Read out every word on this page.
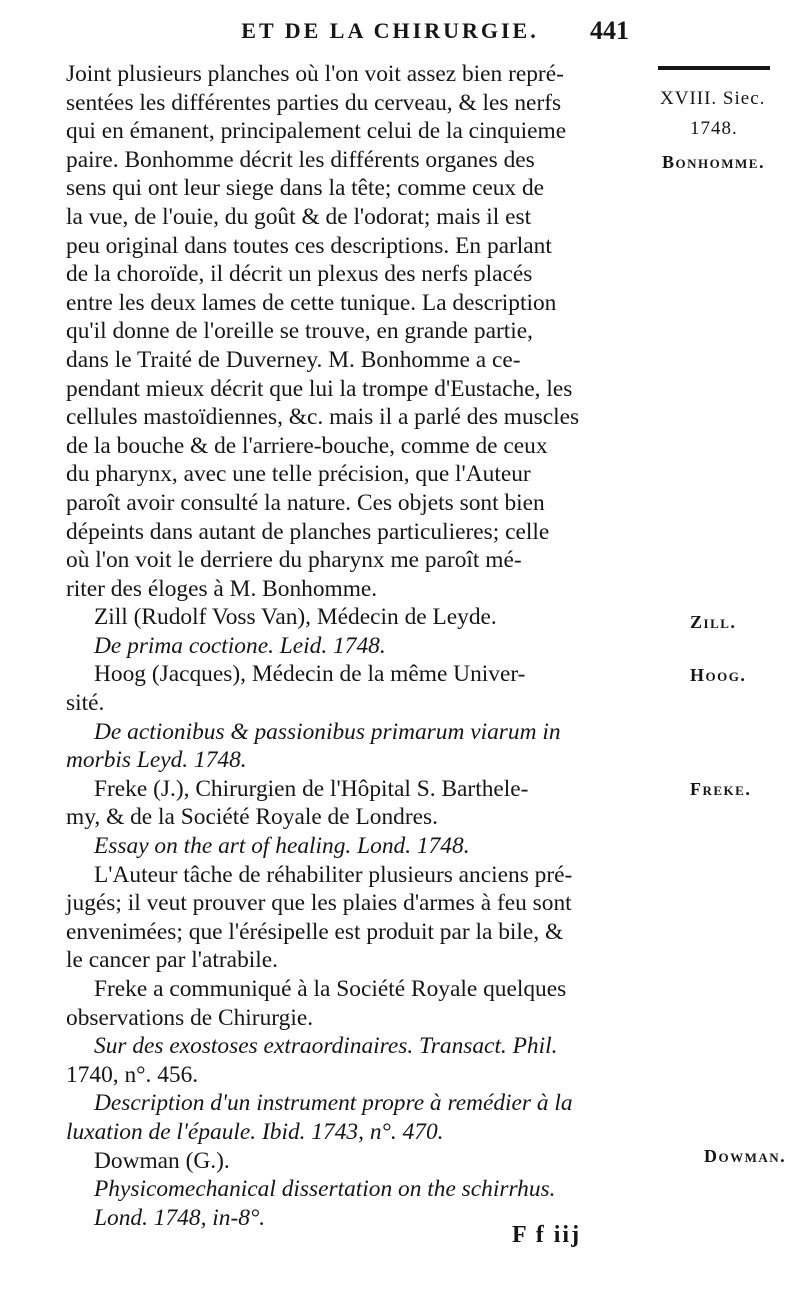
ET DE LA CHIRURGIE.	441
XVIII. Siec.
1748.
Bonhomme.
Zill.
Hoog.
Freke.
Dowman.
Joint plusieurs planches où l'on voit assez bien repré-
sentées les différentes parties du cerveau, & les nerfs
qui en émanent, principalement celui de la cinquieme
paire. Bonhomme décrit les différents organes des
sens qui ont leur siege dans la tête; comme ceux de
la vue, de l'ouie, du goût & de l'odorat; mais il est
peu original dans toutes ces descriptions. En parlant
de la choroïde, il décrit un plexus des nerfs placés
entre les deux lames de cette tunique. La description
qu'il donne de l'oreille se trouve, en grande partie,
dans le Traité de Duverney. M. Bonhomme a ce-
pendant mieux décrit que lui la trompe d'Eustache, les
cellules mastoïdiennes, &c. mais il a parlé des muscles
de la bouche & de l'arriere-bouche, comme de ceux
du pharynx, avec une telle précision, que l'Auteur
paroît avoir consulté la nature. Ces objets sont bien
dépeints dans autant de planches particulieres; celle
où l'on voit le derriere du pharynx me paroît mé-
riter des éloges à M. Bonhomme.
Zill (Rudolf Voss Van), Médecin de Leyde.
De prima coctione. Leid. 1748.
Hoog (Jacques), Médecin de la même Univer-
sité.
De actionibus & passionibus primarum viarum in
morbis Leyd. 1748.
Freke (J.), Chirurgien de l'Hôpital S. Barthele-
my, & de la Société Royale de Londres.
Essay on the art of healing. Lond. 1748.
L'Auteur tâche de réhabiliter plusieurs anciens pré-
jugés; il veut prouver que les plaies d'armes à feu sont
envenimées; que l'érésipelle est produit par la bile, &
le cancer par l'atrabile.
Freke a communiqué à la Société Royale quelques
observations de Chirurgie.
Sur des exostoses extraordinaires. Transact. Phil.
1740, n°. 456.
Description d'un instrument propre à remédier à la
luxation de l'épaule. Ibid. 1743, n°. 470.
Dowman (G.).
Physicomechanical dissertation on the schirrhus.
Lond. 1748, in-8°.
F f iij
